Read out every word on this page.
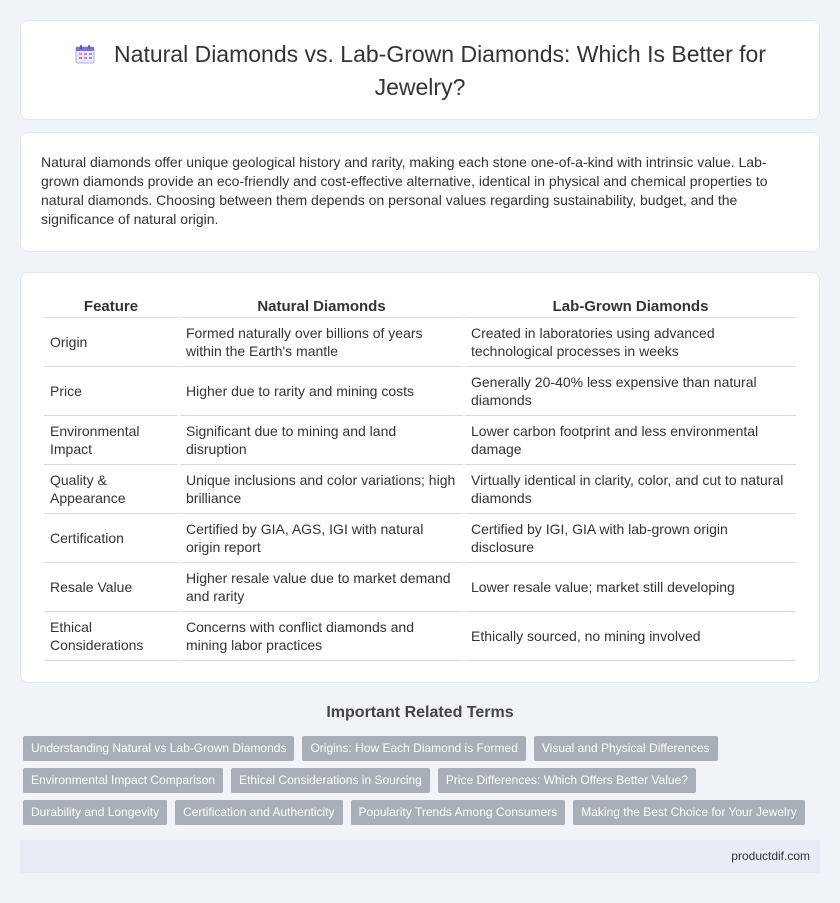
Natural Diamonds vs. Lab-Grown Diamonds: Which Is Better for Jewelry?

Natural diamonds offer unique geological history and rarity, making each stone one-of-a-kind with intrinsic value. Lab-grown diamonds provide an eco-friendly and cost-effective alternative, identical in physical and chemical properties to natural diamonds. Choosing between them depends on personal values regarding sustainability, budget, and the significance of natural origin.

Feature	Natural Diamonds	Lab-Grown Diamonds
Origin	Formed naturally over billions of years within the Earth's mantle	Created in laboratories using advanced technological processes in weeks
Price	Higher due to rarity and mining costs	Generally 20-40% less expensive than natural diamonds
Environmental Impact	Significant due to mining and land disruption	Lower carbon footprint and less environmental damage
Quality & Appearance	Unique inclusions and color variations; high brilliance	Virtually identical in clarity, color, and cut to natural diamonds
Certification	Certified by GIA, AGS, IGI with natural origin report	Certified by IGI, GIA with lab-grown origin disclosure
Resale Value	Higher resale value due to market demand and rarity	Lower resale value; market still developing
Ethical Considerations	Concerns with conflict diamonds and mining labor practices	Ethically sourced, no mining involved
Important Related Terms
Understanding Natural vs Lab-Grown Diamonds	Origins: How Each Diamond is Formed	Visual and Physical Differences
Environmental Impact Comparison	Ethical Considerations in Sourcing	Price Differences: Which Offers Better Value?
Durability and Longevity	Certification and Authenticity	Popularity Trends Among Consumers	Making the Best Choice for Your Jewelry
productdif.com
